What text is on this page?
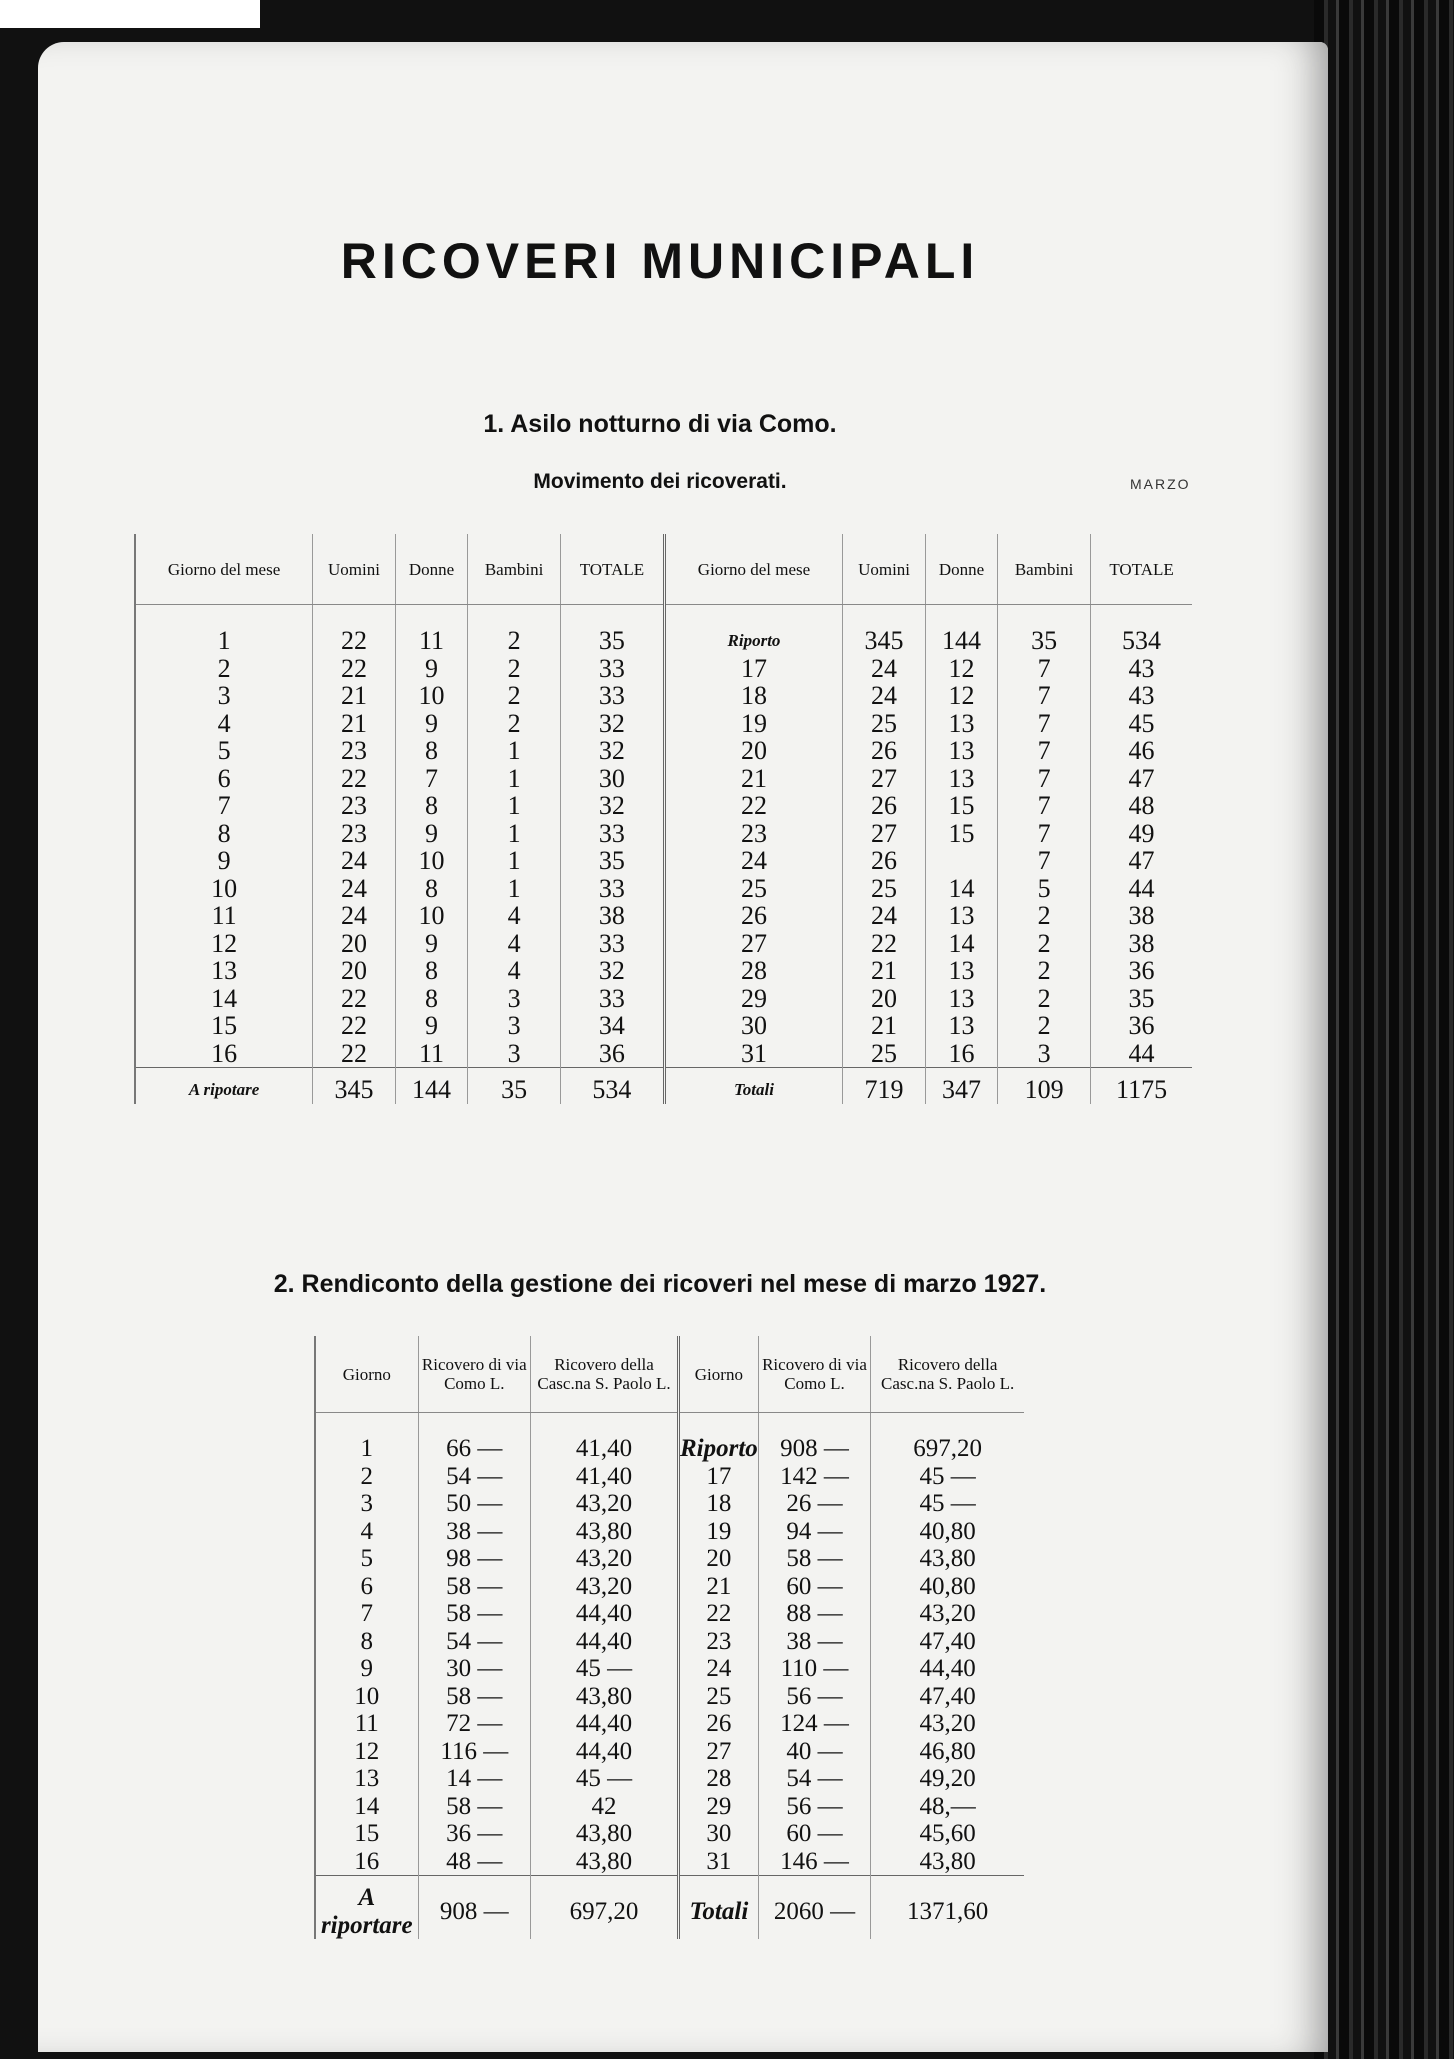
RICOVERI MUNICIPALI
1. Asilo notturno di via Como.
Movimento dei ricoverati.	MARZO
Giorno del mese	Uomini	Donne	Bambini	TOTALE	Giorno del mese	Uomini	Donne	Bambini	TOTALE

1	22	11	2	35	Riporto	345	144	35	534
2	22	9	2	33	17	24	12	7	43
3	21	10	2	33	18	24	12	7	43
4	21	9	2	32	19	25	13	7	45
5	23	8	1	32	20	26	13	7	46
6	22	7	1	30	21	27	13	7	47
7	23	8	1	32	22	26	15	7	48
8	23	9	1	33	23	27	15	7	49
9	24	10	1	35	24	26		7	47
10	24	8	1	33	25	25	14	5	44
11	24	10	4	38	26	24	13	2	38
12	20	9	4	33	27	22	14	2	38
13	20	8	4	32	28	21	13	2	36
14	22	8	3	33	29	20	13	2	35
15	22	9	3	34	30	21	13	2	36
16	22	11	3	36	31	25	16	3	44
A ripotare	345	144	35	534	Totali	719	347	109	1175
2. Rendiconto della gestione dei ricoveri nel mese di marzo 1927.
Giorno	Ricovero di via Como L.	Ricovero della Casc.na S. Paolo L.	Giorno	Ricovero di via Como L.	Ricovero della Casc.na S. Paolo L.

1	66 —	41,40	Riporto	908 —	697,20
2	54 —	41,40	17	142 —	45 —
3	50 —	43,20	18	26 —	45 —
4	38 —	43,80	19	94 —	40,80
5	98 —	43,20	20	58 —	43,80
6	58 —	43,20	21	60 —	40,80
7	58 —	44,40	22	88 —	43,20
8	54 —	44,40	23	38 —	47,40
9	30 —	45 —	24	110 —	44,40
10	58 —	43,80	25	56 —	47,40
11	72 —	44,40	26	124 —	43,20
12	116 —	44,40	27	40 —	46,80
13	14 —	45 —	28	54 —	49,20
14	58 —	42	29	56 —	48,—
15	36 —	43,80	30	60 —	45,60
16	48 —	43,80	31	146 —	43,80
A riportare	908 —	697,20	Totali	2060 —	1371,60
